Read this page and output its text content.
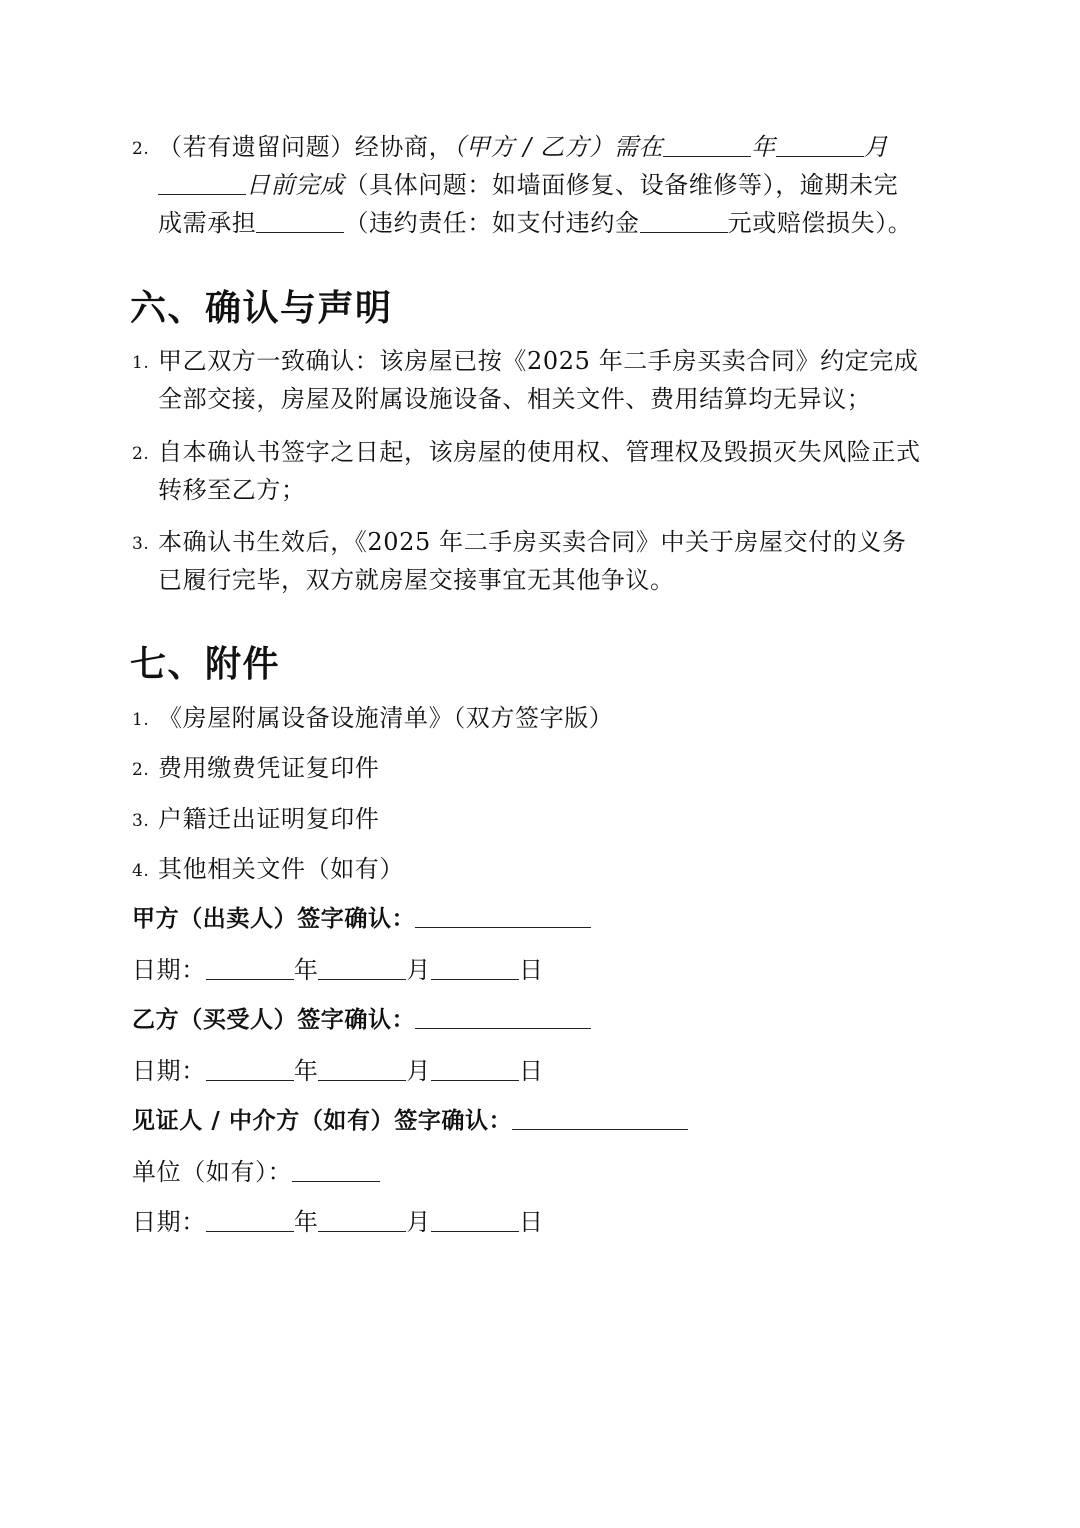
2. （若有遗留问题）经协商，（甲方 / 乙方）需在	年	月
日前完成（具体问题：如墙面修复、设备维修等），逾期未完
成需承担	（违约责任：如支付违约金	元或赔偿损失）。
六、确认与声明
1. 甲乙双方一致确认：该房屋已按《2025 年二手房买卖合同》约定完成
全部交接，房屋及附属设施设备、相关文件、费用结算均无异议；
2. 自本确认书签字之日起，该房屋的使用权、管理权及毁损灭失风险正式
转移至乙方；
3. 本确认书生效后，《2025 年二手房买卖合同》中关于房屋交付的义务
已履行完毕，双方就房屋交接事宜无其他争议。
七、附件
1. 《房屋附属设备设施清单》（双方签字版）
2. 费用缴费凭证复印件
3. 户籍迁出证明复印件
4. 其他相关文件（如有）
甲方（出卖人）签字确认：
日期：	年	月	日
乙方（买受人）签字确认：
日期：	年	月	日
见证人 / 中介方（如有）签字确认：
单位（如有）：
日期：	年	月	日
